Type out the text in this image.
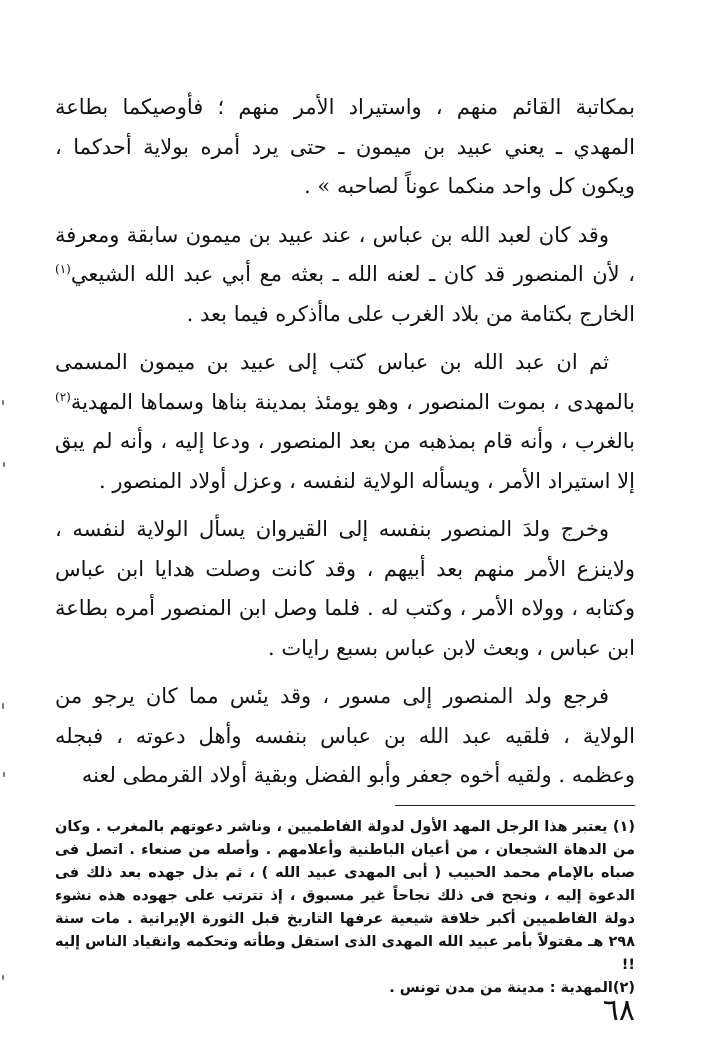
بمكاتبة القائم منهم ، واستيراد الأمر منهم ؛ فأوصيكما بطاعة المهدي ـ يعني عبيد بن ميمون ـ حتى يرد أمره بولاية أحدكما ، ويكون كل واحد منكما عوناً لصاحبه » .

وقد كان لعبد الله بن عباس ، عند عبيد بن ميمون سابقة ومعرفة ، لأن المنصور قد كان ـ لعنه الله ـ بعثه مع أبي عبد الله الشيعي$^{(١)}$ الخارج بكتامة من بلاد الغرب على ماأذكره فيما بعد .

ثم ان عبد الله بن عباس كتب إلى عبيد بن ميمون المسمى بالمهدى ، بموت المنصور ، وهو يومئذ بمدينة بناها وسماها المهدية$^{(٢)}$ بالغرب ، وأنه قام بمذهبه من بعد المنصور ، ودعا إليه ، وأنه لم يبق إلا استيراد الأمر ، ويسأله الولاية لنفسه ، وعزل أولاد المنصور .

وخرج ولدَ المنصور بنفسه إلى القيروان يسأل الولاية لنفسه ، ولاينزع الأمر منهم بعد أبيهم ، وقد كانت وصلت هدايا ابن عباس وكتابه ، وولاه الأمر ، وكتب له . فلما وصل ابن المنصور أمره بطاعة ابن عباس ، وبعث لابن عباس بسبع رايات .

فرجع ولد المنصور إلى مسور ، وقد يئس مما كان يرجو من الولاية ، فلقيه عبد الله بن عباس بنفسه وأهل دعوته ، فبجله وعظمه . ولقيه أخوه جعفر وأبو الفضل وبقية أولاد القرمطى لعنه

(١) يعتبر هذا الرجل المهد الأول لدولة الفاطميين ، وناشر دعوتهم بالمغرب . وكان من الدهاة الشجعان ، من أعيان الباطنية وأعلامهم . وأصله من صنعاء . اتصل فى صباه بالإمام محمد الحبيب ( أبى المهدى عبيد الله ) ، ثم بذل جهده بعد ذلك فى الدعوة إليه ، ونجح فى ذلك نجاحاً غير مسبوق ، إذ تترتب على جهوده هذه نشوء دولة الفاطميين أكبر خلافة شيعية عرفها التاريخ قبل الثورة الإيرانية . مات سنة ٢٩٨ هـ مقتولاً بأمر عبيد الله المهدى الذى استقل وطأته وتحكمه وانقياد الناس إليه !!

(٢)المهدية : مدينة من مدن تونس .

٦٨
